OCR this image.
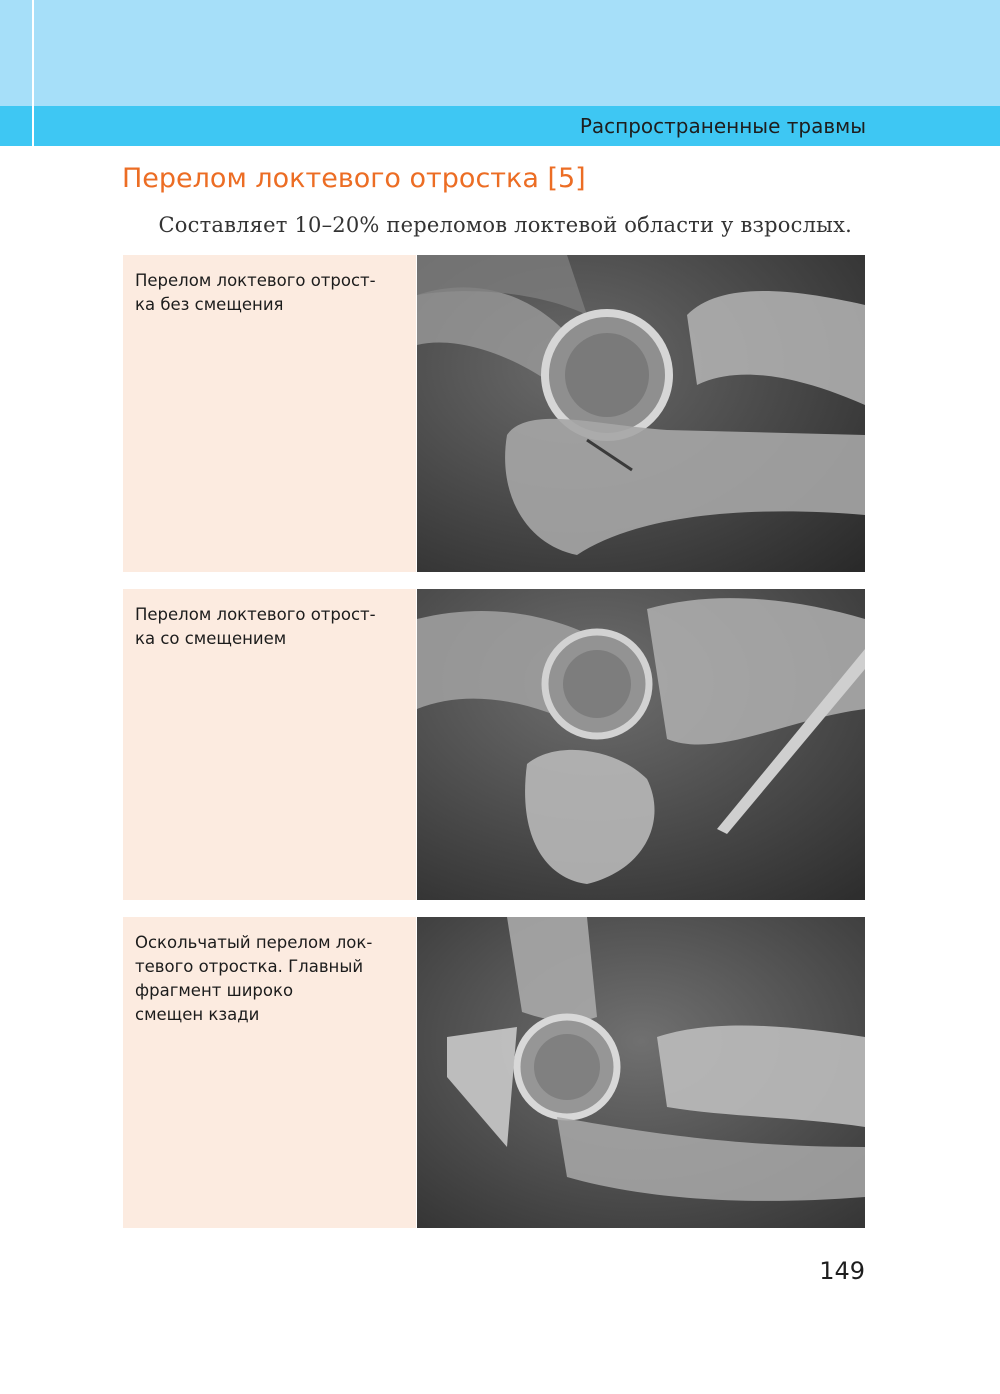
Распространенные травмы
Перелом локтевого отростка [5]
Составляет 10–20% переломов локтевой области у взрослых.
Перелом локтевого отрост-
ка без смещения
Перелом локтевого отрост-
ка со смещением
Оскольчатый перелом лок-
тевого отростка. Главный
фрагмент широко
смещен кзади
149
